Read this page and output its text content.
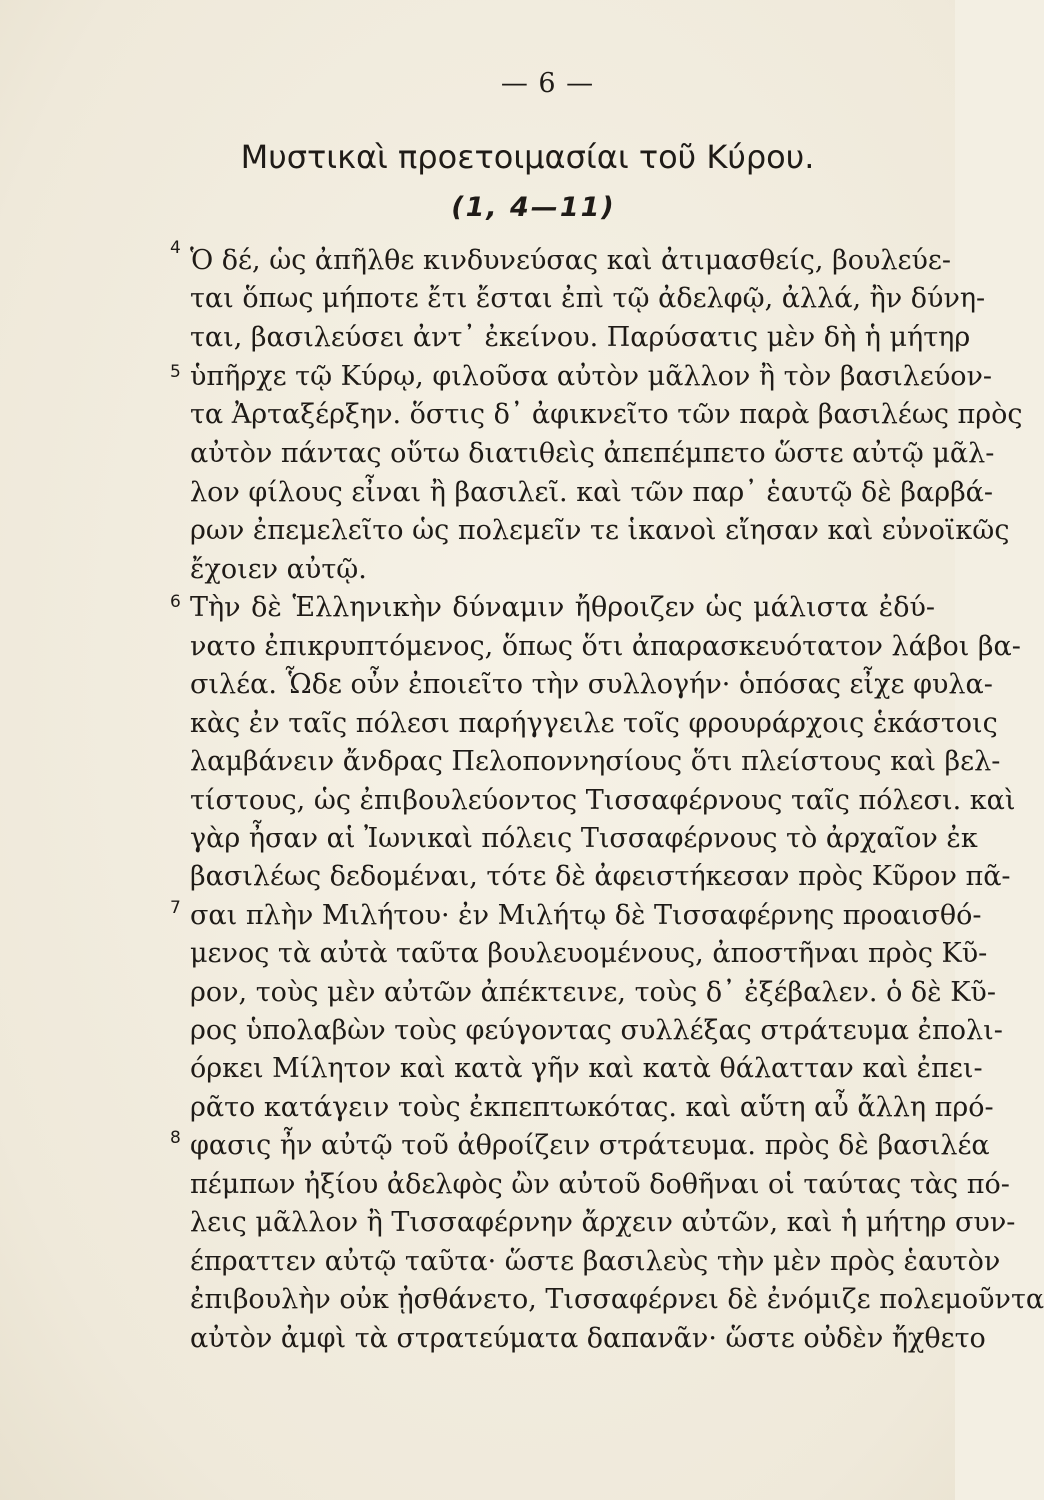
— 6 —
Μυστικαὶ προετοιμασίαι τοῦ Κύρου.
(1, 4—11)
4
5
6
7
8
Ὁ δέ, ὡς ἀπῆλθε κινδυνεύσας καὶ ἀτιμασθείς, βουλεύε-
ται ὅπως μήποτε ἔτι ἔσται ἐπὶ τῷ ἀδελφῷ, ἀλλά, ἢν δύνη-
ται, βασιλεύσει ἀντ᾿ ἐκείνου. Παρύσατις μὲν δὴ ἡ μήτηρ
ὑπῆρχε τῷ Κύρῳ, φιλοῦσα αὐτὸν μᾶλλον ἢ τὸν βασιλεύον-
τα Ἀρταξέρξην. ὅστις δ᾿ ἀφικνεῖτο τῶν παρὰ βασιλέως πρὸς
αὐτὸν πάντας οὕτω διατιθεὶς ἀπεπέμπετο ὥστε αὐτῷ μᾶλ-
λον φίλους εἶναι ἢ βασιλεῖ. καὶ τῶν παρ᾿ ἑαυτῷ δὲ βαρβά-
ρων ἐπεμελεῖτο ὡς πολεμεῖν τε ἱκανοὶ εἴησαν καὶ εὐνοϊκῶς
ἔχοιεν αὐτῷ.
Τὴν δὲ Ἑλληνικὴν δύναμιν ἤθροιζεν ὡς μάλιστα ἐδύ-
νατο ἐπικρυπτόμενος, ὅπως ὅτι ἀπαρασκευότατον λάβοι βα-
σιλέα. Ὧδε οὖν ἐποιεῖτο τὴν συλλογήν· ὁπόσας εἶχε φυλα-
κὰς ἐν ταῖς πόλεσι παρήγγειλε τοῖς φρουράρχοις ἑκάστοις
λαμβάνειν ἄνδρας Πελοποννησίους ὅτι πλείστους καὶ βελ-
τίστους, ὡς ἐπιβουλεύοντος Τισσαφέρνους ταῖς πόλεσι. καὶ
γὰρ ἦσαν αἱ Ἰωνικαὶ πόλεις Τισσαφέρνους τὸ ἀρχαῖον ἐκ
βασιλέως δεδομέναι, τότε δὲ ἀφειστήκεσαν πρὸς Κῦρον πᾶ-
σαι πλὴν Μιλήτου· ἐν Μιλήτῳ δὲ Τισσαφέρνης προαισθό-
μενος τὰ αὐτὰ ταῦτα βουλευομένους, ἀποστῆναι πρὸς Κῦ-
ρον, τοὺς μὲν αὐτῶν ἀπέκτεινε, τοὺς δ᾿ ἐξέβαλεν. ὁ δὲ Κῦ-
ρος ὑπολαβὼν τοὺς φεύγοντας συλλέξας στράτευμα ἐπολι-
όρκει Μίλητον καὶ κατὰ γῆν καὶ κατὰ θάλατταν καὶ ἐπει-
ρᾶτο κατάγειν τοὺς ἐκπεπτωκότας. καὶ αὕτη αὖ ἄλλη πρό-
φασις ἦν αὐτῷ τοῦ ἀθροίζειν στράτευμα. πρὸς δὲ βασιλέα
πέμπων ἠξίου ἀδελφὸς ὢν αὐτοῦ δοθῆναι οἱ ταύτας τὰς πό-
λεις μᾶλλον ἢ Τισσαφέρνην ἄρχειν αὐτῶν, καὶ ἡ μήτηρ συν-
έπραττεν αὐτῷ ταῦτα· ὥστε βασιλεὺς τὴν μὲν πρὸς ἑαυτὸν
ἐπιβουλὴν οὐκ ᾐσθάνετο, Τισσαφέρνει δὲ ἐνόμιζε πολεμοῦντα
αὐτὸν ἀμφὶ τὰ στρατεύματα δαπανᾶν· ὥστε οὐδὲν ἤχθετο
